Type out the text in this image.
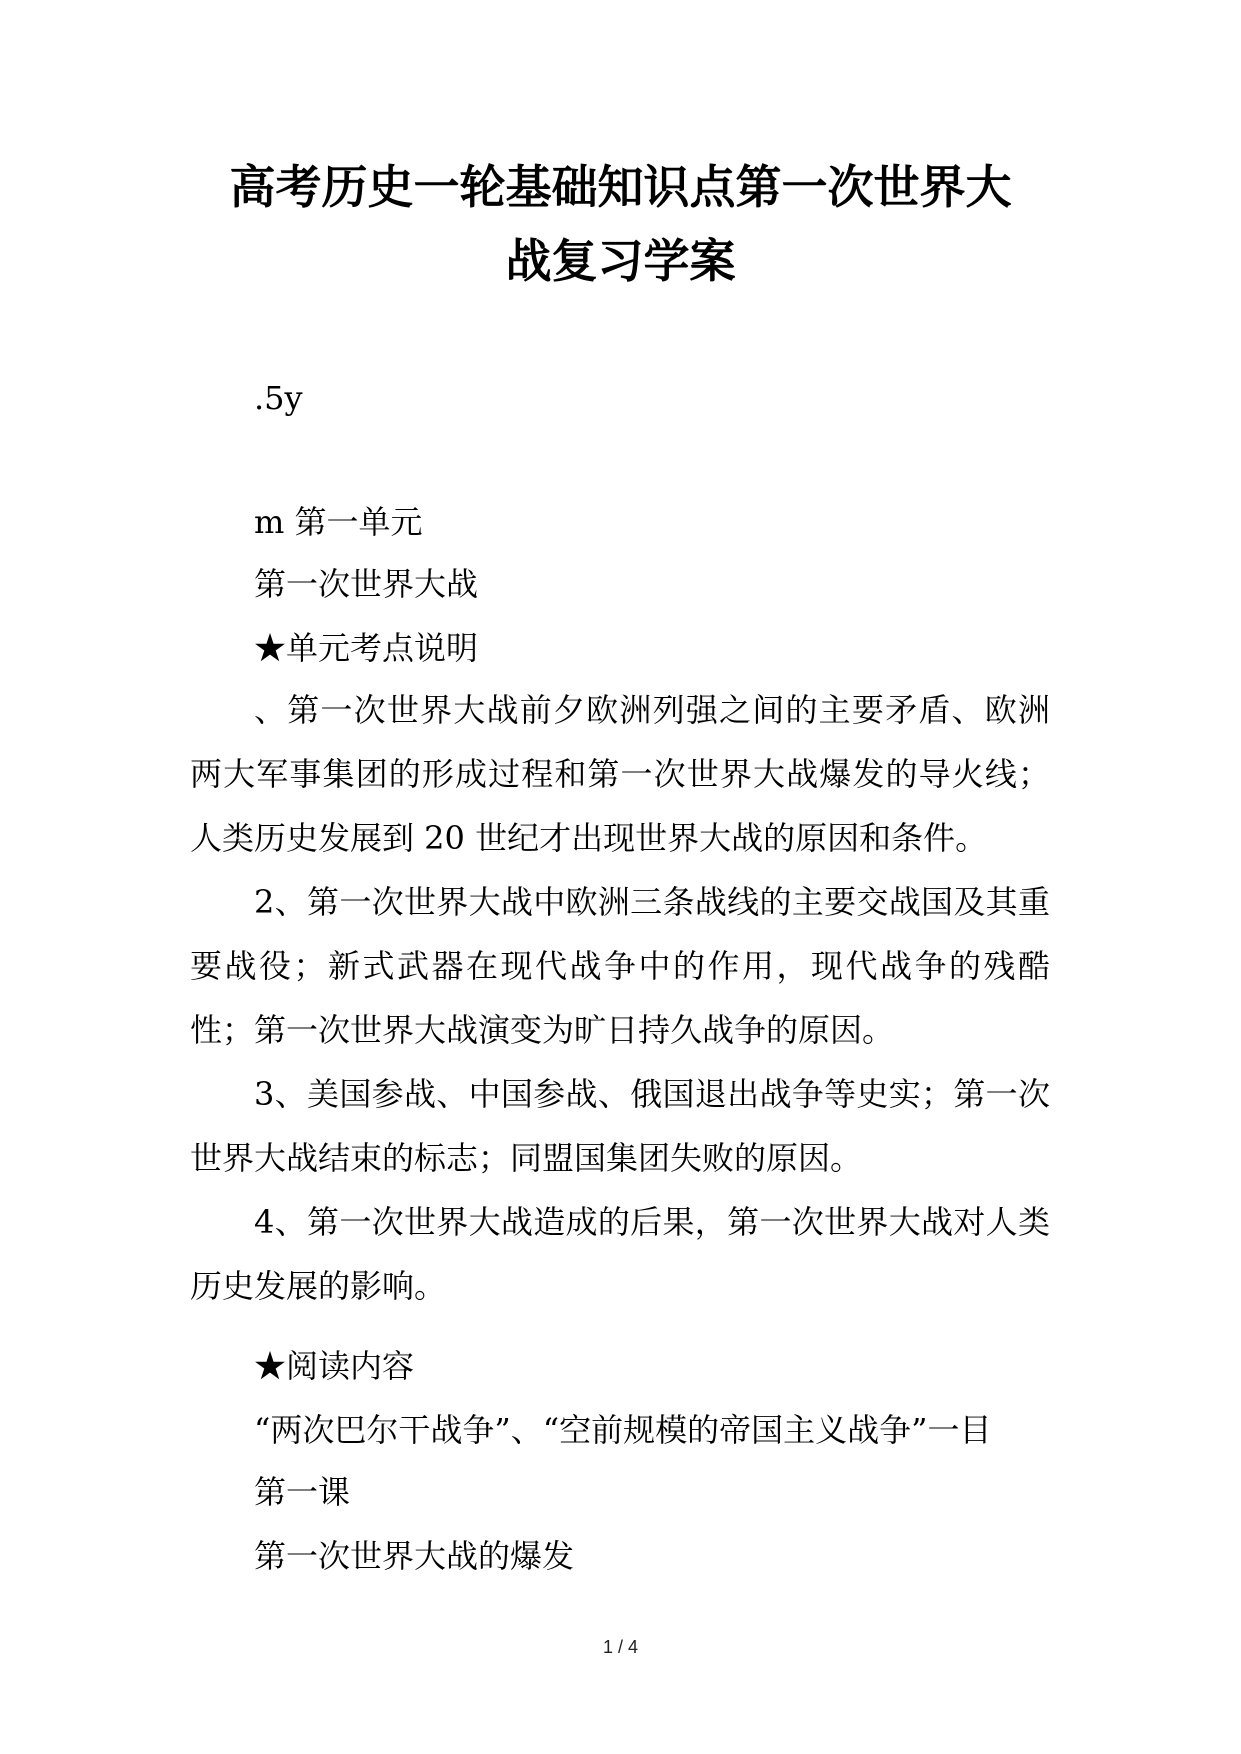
高考历史一轮基础知识点第一次世界大
战复习学案
.5y
m 第一单元
第一次世界大战
★单元考点说明

、第一次世界大战前夕欧洲列强之间的主要矛盾、欧洲两大军事集团的形成过程和第一次世界大战爆发的导火线；人类历史发展到 20 世纪才出现世界大战的原因和条件。

2、第一次世界大战中欧洲三条战线的主要交战国及其重要战役；新式武器在现代战争中的作用，现代战争的残酷性；第一次世界大战演变为旷日持久战争的原因。

3、美国参战、中国参战、俄国退出战争等史实；第一次世界大战结束的标志；同盟国集团失败的原因。

4、第一次世界大战造成的后果，第一次世界大战对人类历史发展的影响。

★阅读内容
“两次巴尔干战争”、“空前规模的帝国主义战争”一目
第一课
第一次世界大战的爆发
1 / 4
